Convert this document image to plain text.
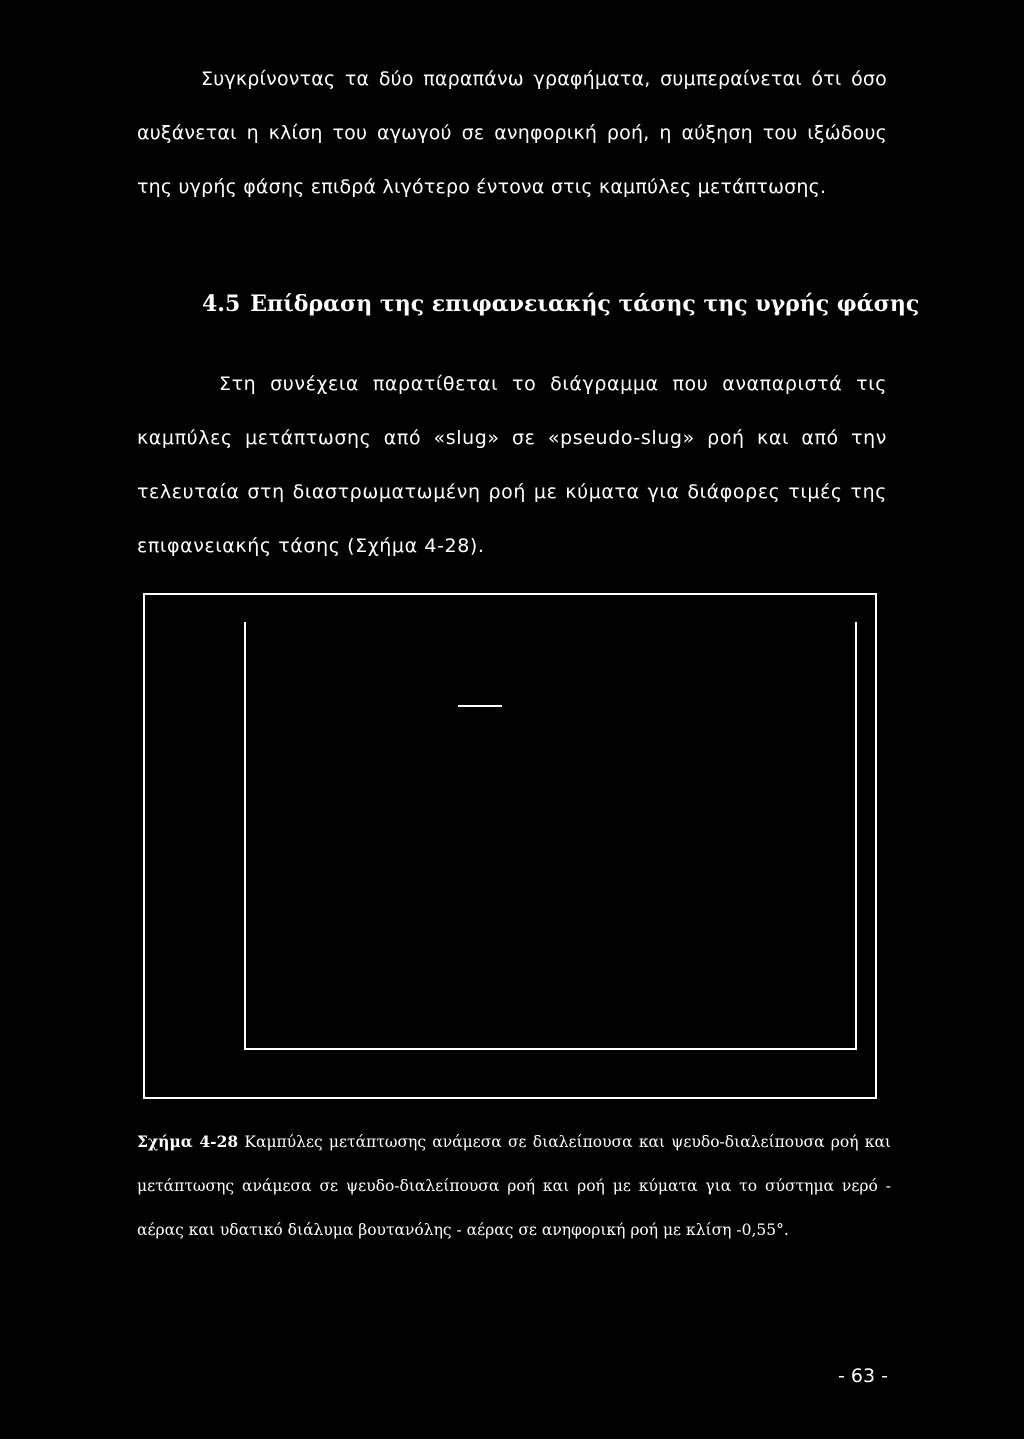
Συγκρίνοντας τα δύο παραπάνω γραφήματα, συμπεραίνεται ότι όσο αυξάνεται η κλίση του αγωγού σε ανηφορική ροή, η αύξηση του ιξώδους της υγρής φάσης επιδρά λιγότερο έντονα στις καμπύλες μετάπτωσης.

4.5 Επίδραση της επιφανειακής τάσης της υγρής φάσης

Στη συνέχεια παρατίθεται το διάγραμμα που αναπαριστά τις καμπύλες μετάπτωσης από «slug» σε «pseudo-slug» ροή και από την τελευταία στη διαστρωματωμένη ροή με κύματα για διάφορες τιμές της επιφανειακής τάσης (Σχήμα 4-28).

Σχήμα 4-28 Καμπύλες μετάπτωσης ανάμεσα σε διαλείπουσα και ψευδο-διαλείπουσα ροή και μετάπτωσης ανάμεσα σε ψευδο-διαλείπουσα ροή και ροή με κύματα για το σύστημα νερό - αέρας και υδατικό διάλυμα βουτανόλης - αέρας σε ανηφορική ροή με κλίση -0,55°.

- 63 -
